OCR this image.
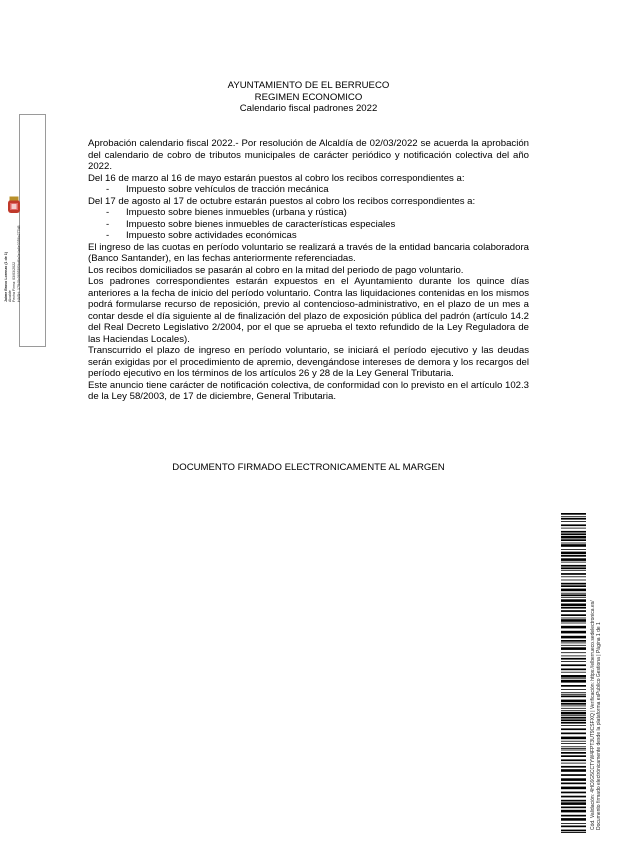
AYUNTAMIENTO DE EL BERRUECO
REGIMEN ECONOMICO
Calendario fiscal padrones 2022

Aprobación calendario fiscal 2022.- Por resolución de Alcaldía de 02/03/2022 se acuerda la aprobación del calendario de cobro de tributos municipales de carácter periódico y notificación colectiva del año 2022.

Del 16 de marzo al 16 de mayo estarán puestos al cobro los recibos correspondientes a:

- Impuesto sobre vehículos de tracción mecánica

Del 17 de agosto al 17 de octubre estarán puestos al cobro los recibos correspondientes a:

- Impuesto sobre bienes inmuebles (urbana y rústica)
- Impuesto sobre bienes inmuebles de características especiales
- Impuesto sobre actividades económicas

El ingreso de las cuotas en período voluntario se realizará a través de la entidad bancaria colaboradora (Banco Santander), en las fechas anteriormente referenciadas.

Los recibos domiciliados se pasarán al cobro en la mitad del periodo de pago voluntario.

Los padrones correspondientes estarán expuestos en el Ayuntamiento durante los quince días anteriores a la fecha de inicio del período voluntario. Contra las liquidaciones contenidas en los mismos podrá formularse recurso de reposición, previo al contencioso-administrativo, en el plazo de un mes a contar desde el día siguiente al de finalización del plazo de exposición pública del padrón (artículo 14.2 del Real Decreto Legislativo 2/2004, por el que se aprueba el texto refundido de la Ley Reguladora de las Haciendas Locales).

Transcurrido el plazo de ingreso en período voluntario, se iniciará el período ejecutivo y las deudas serán exigidas por el procedimiento de apremio, devengándose intereses de demora y los recargos del período ejecutivo en los términos de los artículos 26 y 28 de la Ley General Tributaria.

Este anuncio tiene carácter de notificación colectiva, de conformidad con lo previsto en el artículo 102.3 de la Ley 58/2003, de 17 de diciembre, General Tributaria.

DOCUMENTO FIRMADO ELECTRONICAMENTE AL MARGEN
Jaime Bravo Lorenzo (1 de 1) Alcalde Fecha Firma: 03/03/2022 HASH: 17940c06958f0bd6a3e4a6e3356c277d8
Cód. Validación: 4HC6G5CCTYW4FPT3UT9CSFXQ | Verificación: https://elberrueco.sedelectronica.es/ Documento firmado electrónicamente desde la plataforma esPublico Gestiona | Página 1 de 1
